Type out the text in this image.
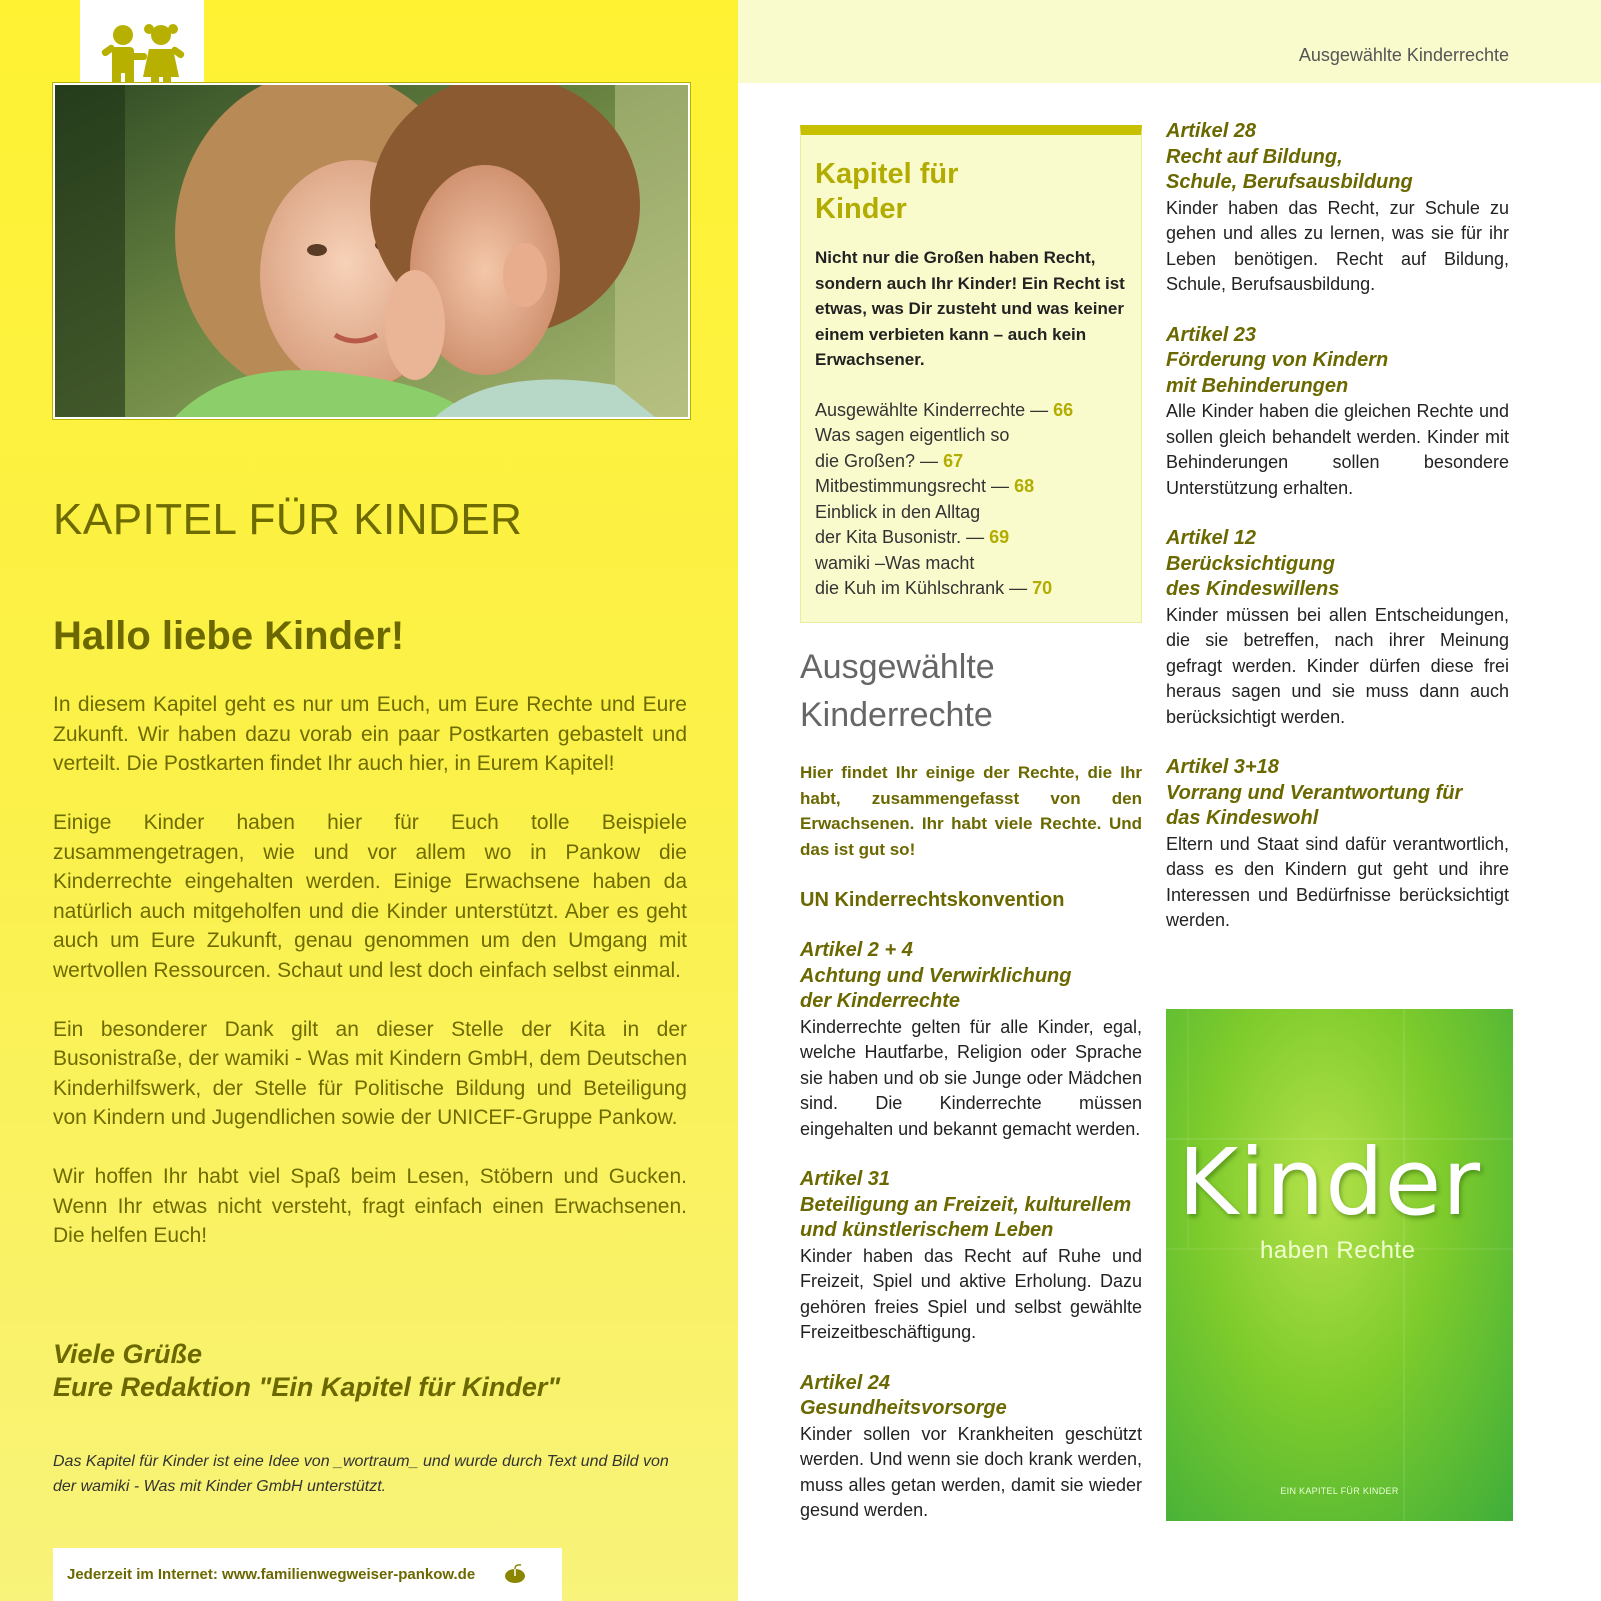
KAPITEL FÜR KINDER
Hallo liebe Kinder!

In diesem Kapitel geht es nur um Euch, um Eure Rechte und Eure Zukunft. Wir haben dazu vorab ein paar Postkarten gebastelt und verteilt. Die Postkarten findet Ihr auch hier, in Eurem Kapitel!

Einige Kinder haben hier für Euch tolle Beispiele zusammengetragen, wie und vor allem wo in Pankow die Kinderrechte eingehalten werden. Einige Erwachsene haben da natürlich auch mitgeholfen und die Kinder unterstützt. Aber es geht auch um Eure Zukunft, genau genommen um den Umgang mit wertvollen Ressourcen. Schaut und lest doch einfach selbst einmal.

Ein besonderer Dank gilt an dieser Stelle der Kita in der Busonistraße, der wamiki - Was mit Kindern GmbH, dem Deutschen Kinderhilfswerk, der Stelle für Politische Bildung und Beteiligung von Kindern und Jugendlichen sowie der UNICEF-Gruppe Pankow.

Wir hoffen Ihr habt viel Spaß beim Lesen, Stöbern und Gucken. Wenn Ihr etwas nicht versteht, fragt einfach einen Erwachsenen. Die helfen Euch!

Viele Grüße
Eure Redaktion "Ein Kapitel für Kinder"

Das Kapitel für Kinder ist eine Idee von _wortraum_ und wurde durch Text und Bild von der wamiki - Was mit Kinder GmbH unterstützt.

Jederzeit im Internet: www.familienwegweiser-pankow.de
Ausgewählte Kinderrechte
Kapitel für
Kinder

Nicht nur die Großen haben Recht, sondern auch Ihr Kinder! Ein Recht ist etwas, was Dir zusteht und was keiner einem verbieten kann – auch kein Erwachsener.

Ausgewählte Kinderrechte — 66
Was sagen eigentlich so
die Großen? — 67
Mitbestimmungsrecht — 68
Einblick in den Alltag
der Kita Busonistr. — 69
wamiki –Was macht
die Kuh im Kühlschrank — 70
Ausgewählte
Kinderrechte

Hier findet Ihr einige der Rechte, die Ihr habt, zusammengefasst von den Erwachsenen. Ihr habt viele Rechte. Und das ist gut so!

UN Kinderrechtskonvention
Artikel 2 + 4
Achtung und Verwirklichung
der Kinderrechte

Kinderrechte gelten für alle Kinder, egal, welche Hautfarbe, Religion oder Sprache sie haben und ob sie Junge oder Mädchen sind. Die Kinderrechte müssen eingehalten und bekannt gemacht werden.

Artikel 31
Beteiligung an Freizeit, kulturellem und künstlerischem Leben

Kinder haben das Recht auf Ruhe und Freizeit, Spiel und aktive Erholung. Dazu gehören freies Spiel und selbst gewählte Freizeitbeschäftigung.

Artikel 24
Gesundheitsvorsorge

Kinder sollen vor Krankheiten geschützt werden. Und wenn sie doch krank werden, muss alles getan werden, damit sie wieder gesund werden.

Artikel 28
Recht auf Bildung,
Schule, Berufsausbildung

Kinder haben das Recht, zur Schule zu gehen und alles zu lernen, was sie für ihr Leben benötigen. Recht auf Bildung, Schule, Berufsausbildung.

Artikel 23
Förderung von Kindern
mit Behinderungen

Alle Kinder haben die gleichen Rechte und sollen gleich behandelt werden. Kinder mit Behinderungen sollen besondere Unterstützung erhalten.

Artikel 12
Berücksichtigung
des Kindeswillens

Kinder müssen bei allen Entscheidungen, die sie betreffen, nach ihrer Meinung gefragt werden. Kinder dürfen diese frei heraus sagen und sie muss dann auch berücksichtigt werden.

Artikel 3+18
Vorrang und Verantwortung für
das Kindeswohl

Eltern und Staat sind dafür verantwortlich, dass es den Kindern gut geht und ihre Interessen und Bedürfnisse berücksichtigt werden.

Kinder
haben Rechte
EIN KAPITEL FÜR KINDER
